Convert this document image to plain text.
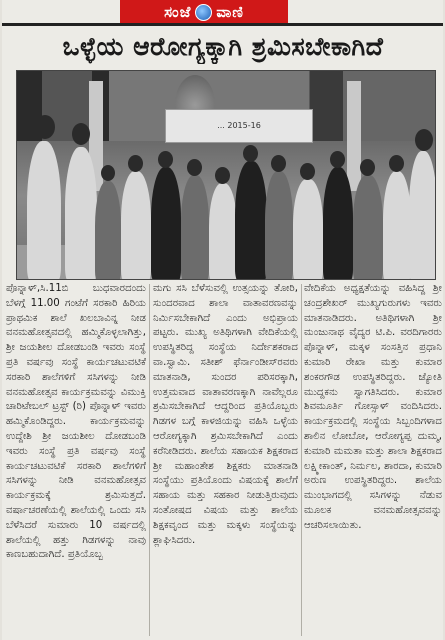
ಸಂಜೆ ವಾಣಿ
ಒಳ್ಳೆಯ ಆರೋಗ್ಯಕ್ಕಾಗಿ ಶ್ರಮಿಸಬೇಕಾಗಿದೆ
... 2015-16

ಪೊನ್ನಾಳ್,ಸಿ.11ಬಿ ಬುಧವಾರದಂದು ಬೆಳಗ್ಗೆ 11.00 ಗಂಟೆಗೆ ಸರಕಾರಿ ಹಿರಿಯ ಪ್ರಾಥಮಿಕ ಶಾಲೆ ಖಲಬಾವಿನ್ನ ನೀಡ ವನಮಹೋತ್ಸವದಲ್ಲಿ ಹಮ್ಮಿಕೊಳ್ಳಲಾಗಿತ್ತು, ಶ್ರೀ ಜಯಶೀಲ ದೋಡಬಂಡಿ ಇವರು ಸಂಸ್ಥೆ ಪ್ರತಿ ವರ್ಷವು ಸಂಸ್ಥೆ ಕಾರ್ಯಚಟುವಟಿಕೆ ಸರಕಾರಿ ಶಾಲೆಗಳಿಗೆ ಸಸಿಗಳನ್ನು ನೀಡಿ ವನಮಹೋತ್ಸವ ಕಾರ್ಯಕ್ರಮವನ್ನು ವಿಮುಕ್ತಿ ಚಾರಿಟೇಬಲ್ ಟ್ರಸ್ಟ್ (ರಿ) ಪೊನ್ನಾಳ್ ಇವರು ಹಮ್ಮಿಕೊಂಡಿದ್ದರು. ಕಾರ್ಯಕ್ರಮವನ್ನು ಉದ್ದೇಶಿ ಶ್ರೀ ಜಯಶೀಲ ದೋಡಬಂಡಿ ಇವರು ಸಂಸ್ಥೆ ಪ್ರತಿ ವರ್ಷವು ಸಂಸ್ಥೆ ಕಾರ್ಯಚಟುವಟಿಕೆ ಸರಕಾರಿ ಶಾಲೆಗಳಿಗೆ ಸಸಿಗಳನ್ನು ನೀಡಿ ವನಮಹೋತ್ಸವ ಕಾರ್ಯಕ್ರಮಕ್ಕೆ ಶ್ರಮಿಸುತ್ತದೆ. ವರ್ಷಾಚರಣೆಯಲ್ಲಿ ಶಾಲೆಯಲ್ಲಿ ಒಂದು ಸಸಿ ಬೆಳೆಸಿದರೆ ಸುಮಾರು 10 ವರ್ಷದಲ್ಲಿ ಶಾಲೆಯಲ್ಲಿ ಹತ್ತು ಗಿಡಗಳನ್ನು ನಾವು ಕಾಣಬಹುದಾಗಿದೆ. ಪ್ರತಿಯೊಬ್ಬ

ಮಗು ಸಸಿ ಬೆಳೆಸುವಲ್ಲಿ ಉತ್ಸಯನ್ನು ತೋರಿ, ಸುಂದರವಾದ ಶಾಲಾ ವಾತಾವರಣವನ್ನು ನಿರ್ಮಿಸಬೇಕಾಗಿದೆ ಎಂದು ಅಭಿಪ್ರಾಯ ಪಟ್ಟರು. ಮುಖ್ಯ ಅತಿಥಿಗಳಾಗಿ ವೇದಿಕೆಯಲ್ಲಿ ಉಪಸ್ಥಿತರಿದ್ದ ಸಂಸ್ಥೆಯ ನಿರ್ದೇಶಕರಾದ ವಾ.ಸ್ವಾಮಿ. ಸತೀಶ್ ಫೆರ್ನಾಂಡೀಸ್‌ರವರು ಮಾತನಾಡಿ, ಸುಂದರ ಪರಿಸರಕ್ಕಾಗಿ, ಉತ್ತಮವಾದ ವಾತಾವರಣಕ್ಕಾಗಿ ನಾವೆಲ್ಲರೂ ಶ್ರಮಿಸಬೇಕಾಗಿದೆ ಆದ್ದರಿಂದ ಪ್ರತಿಯೊಬ್ಬರು ಗಿಡಗಳ ಬಗ್ಗೆ ಕಾಳಜಿಯನ್ನು ವಹಿಸಿ ಒಳ್ಳೆಯ ಆರೋಗ್ಯಕ್ಕಾಗಿ ಶ್ರಮಿಸಬೇಕಾಗಿದೆ ಎಂದು ಕರೆನೀಡಿದರು. ಶಾಲೆಯ ಸಹಾಯಕ ಶಿಕ್ಷಕರಾದ ಶ್ರೀ ಮಹಾಂತೇಶ ಶಿಕ್ಷಕರು ಮಾತನಾಡಿ ಸಂಸ್ಥೆಯು ಪ್ರತಿಯೊಂದು ವಿಷಯಕ್ಕೆ ಶಾಲೆಗೆ ಸಹಾಯ ಮತ್ತು ಸಹಕಾರ ನೀಡುತ್ತಿರುವುದು ಸಂತೋಷದ ವಿಷಯ ಮತ್ತು ಶಾಲೆಯ ಶಿಕ್ಷಕವೃಂದ ಮತ್ತು ಮಕ್ಕಳು ಸಂಸ್ಥೆಯನ್ನು ಶ್ಲಾಘಿಸಿದರು.

ವೇದಿಕೆಯ ಅಧ್ಯಕ್ಷತೆಯನ್ನು ವಹಿಸಿದ್ದ ಶ್ರೀ ಚಂದ್ರಶೇಖರ್ ಮುಖ್ಯಗುರುಗಳು ಇವರು ಮಾತನಾಡಿದರು. ಅತಿಥಿಗಳಾಗಿ ಶ್ರೀ ಮಂಜುನಾಥ ವೈದ್ಯರ ಟಿ.ಪಿ. ವರದಿಗಾರರು ಪೊನ್ನಾಳ್, ಮಕ್ಕಳ ಸಂಸತ್ತಿನ ಪ್ರಧಾನಿ ಕುಮಾರಿ ರೇಖಾ ಮತ್ತು ಕುಮಾರ ಶಂಕರಗೌಡ ಉಪಸ್ಥಿತರಿದ್ದರು. ಜ್ಯೋತಿ ಮುದ್ದಕನು ಸ್ವಾಗತಿಸಿದರು. ಕುಮಾರ ಶಿವಮೂರ್ತಿ ಗೋಸ್ಸಾಳ್ ವಂದಿಸಿದರು. ಕಾರ್ಯಕ್ರಮದಲ್ಲಿ ಸಂಸ್ಥೆಯ ಸಿಬ್ಬಂದಿಗಳಾದ ಶಾಲಿನ ಲೋಬೋ, ಆರೋಗ್ಯಪ್ಪ ದುಮ್ಮ, ಕುಮಾರಿ ಮಮತಾ ಮತ್ತು ಶಾಲಾ ಶಿಕ್ಷಕರಾದ ಲಕ್ಷ್ಮೀಕಾಂತ್, ನಿರ್ಮಲ, ಶಾರದಾ, ಕುಮಾರಿ ಅರುಣ ಉಪಸ್ಥಿತರಿದ್ದರು. ಶಾಲೆಯ ಮುಂಭಾಗದಲ್ಲಿ ಸಸಿಗಳನ್ನು ನೆಡುವ ಮೂಲಕ ವನಮಹೋತ್ಸವವನ್ನು ಆಚರಿಸಲಾಯಿತು.
